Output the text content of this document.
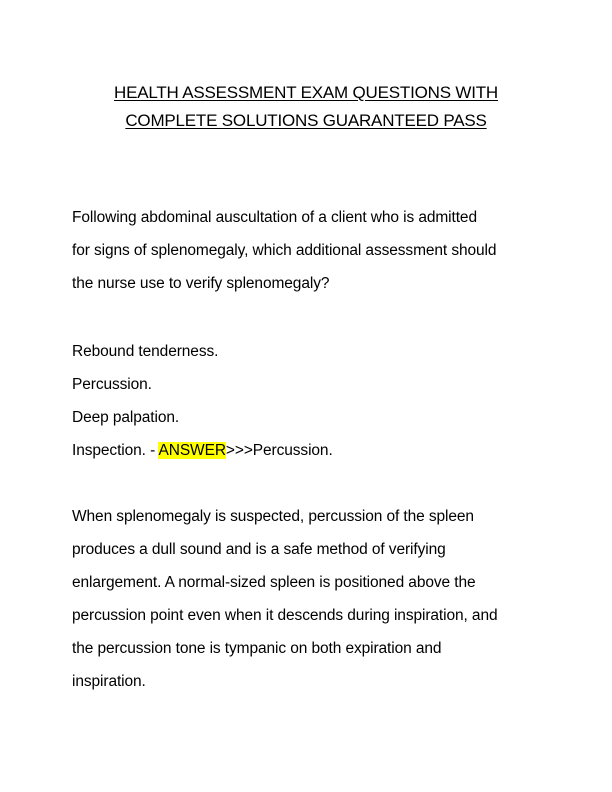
HEALTH ASSESSMENT EXAM QUESTIONS WITH
COMPLETE SOLUTIONS GUARANTEED PASS
Following abdominal auscultation of a client who is admitted
for signs of splenomegaly, which additional assessment should
the nurse use to verify splenomegaly?
Rebound tenderness.
Percussion.
Deep palpation.
Inspection. - ANSWER>>>Percussion.
When splenomegaly is suspected, percussion of the spleen
produces a dull sound and is a safe method of verifying
enlargement. A normal-sized spleen is positioned above the
percussion point even when it descends during inspiration, and
the percussion tone is tympanic on both expiration and
inspiration.
